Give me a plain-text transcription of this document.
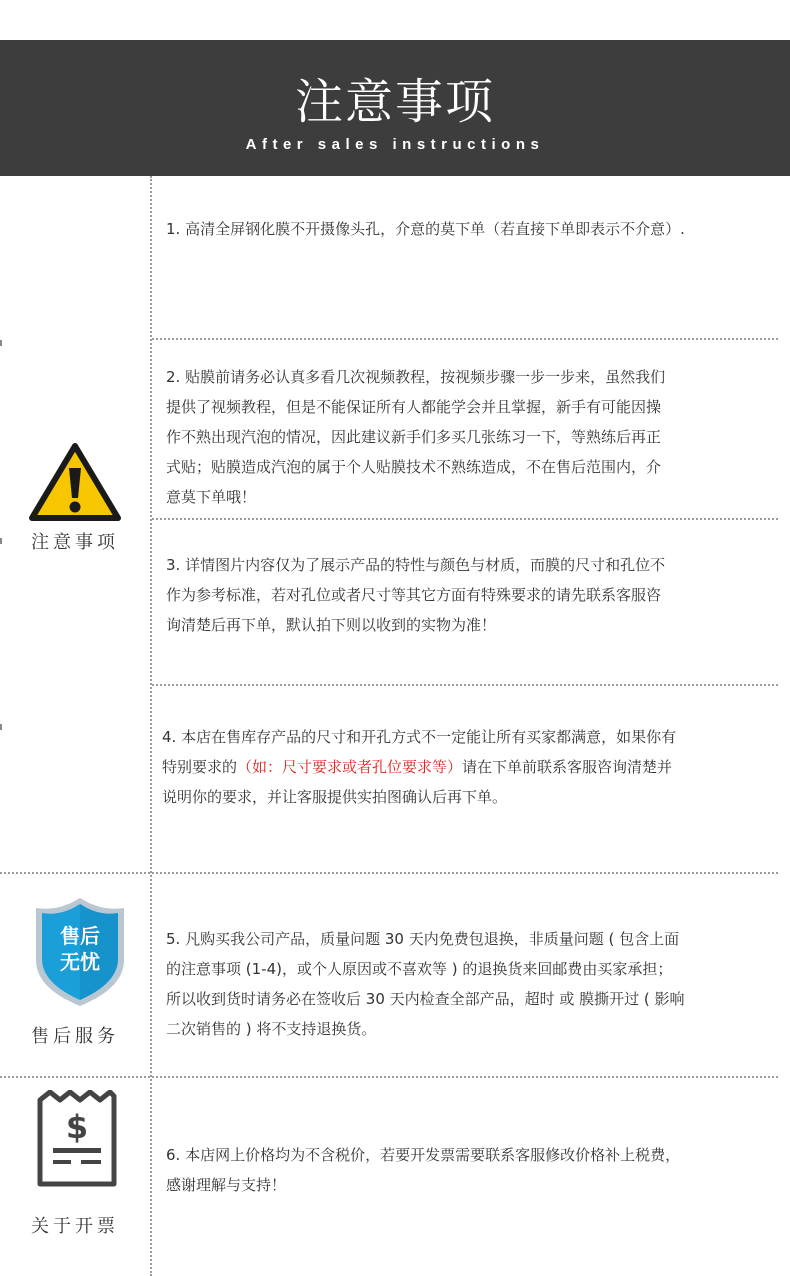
注意事项
After sales instructions
注意事项
售后
无忧
售后服务
$
关于开票
1. 高清全屏钢化膜不开摄像头孔，介意的莫下单（若直接下单即表示不介意）.
2. 贴膜前请务必认真多看几次视频教程，按视频步骤一步一步来，虽然我们
提供了视频教程，但是不能保证所有人都能学会并且掌握，新手有可能因操
作不熟出现汽泡的情况，因此建议新手们多买几张练习一下，等熟练后再正
式贴；贴膜造成汽泡的属于个人贴膜技术不熟练造成，不在售后范围内，介
意莫下单哦！
3. 详情图片内容仅为了展示产品的特性与颜色与材质，而膜的尺寸和孔位不
作为参考标准，若对孔位或者尺寸等其它方面有特殊要求的请先联系客服咨
询清楚后再下单，默认拍下则以收到的实物为准！
4. 本店在售库存产品的尺寸和开孔方式不一定能让所有买家都满意，如果你有
特别要求的（如：尺寸要求或者孔位要求等）请在下单前联系客服咨询清楚并
说明你的要求，并让客服提供实拍图确认后再下单。
5. 凡购买我公司产品，质量问题 30 天内免费包退换，非质量问题 ( 包含上面
的注意事项 (1-4)，或个人原因或不喜欢等 ) 的退换货来回邮费由买家承担；
所以收到货时请务必在签收后 30 天内检查全部产品，超时 或 膜撕开过 ( 影响
二次销售的 ) 将不支持退换货。
6. 本店网上价格均为不含税价，若要开发票需要联系客服修改价格补上税费，
感谢理解与支持！
